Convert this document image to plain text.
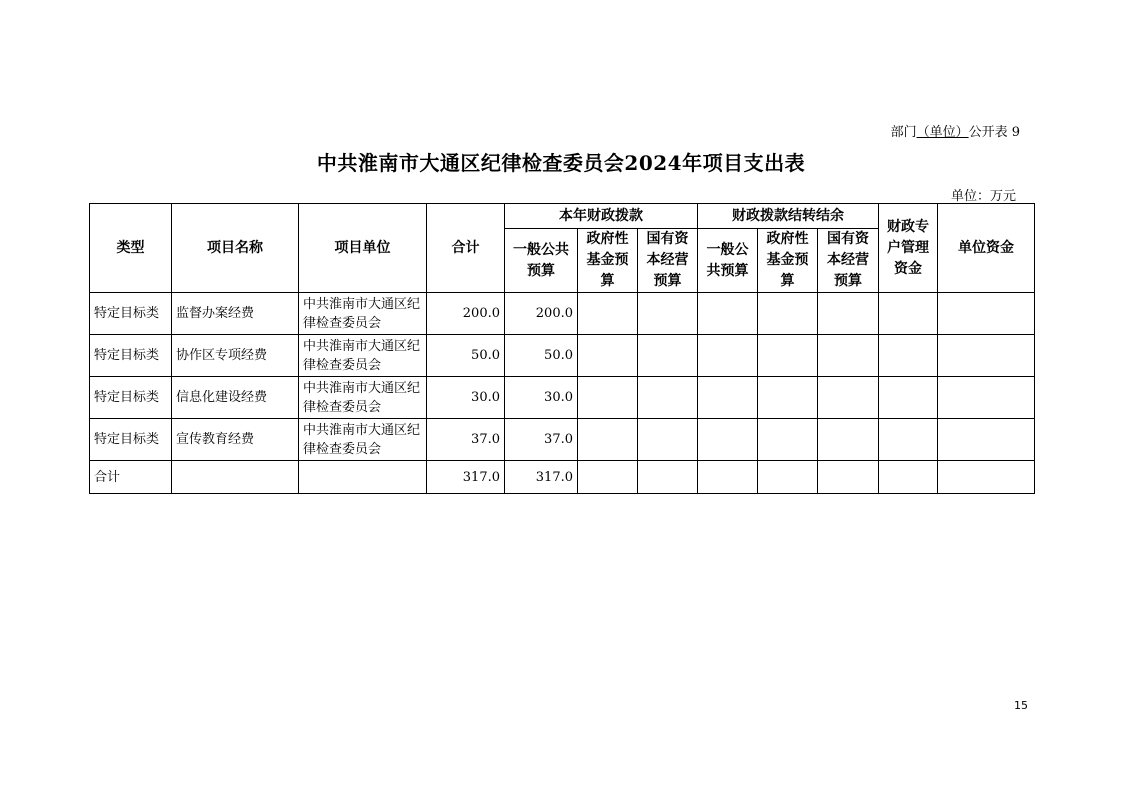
部门（单位）公开表 9
中共淮南市大通区纪律检查委员会2024年项目支出表
单位：万元
类型	项目名称	项目单位	合计	本年财政拨款			财政拨款结转结余			财政专户管理资金	单位资金
				一般公共预算	政府性基金预算	国有资本经营预算	一般公共预算	政府性基金预算	国有资本经营预算		
特定目标类	监督办案经费	中共淮南市大通区纪律检查委员会	200.0	200.0							
特定目标类	协作区专项经费	中共淮南市大通区纪律检查委员会	50.0	50.0							
特定目标类	信息化建设经费	中共淮南市大通区纪律检查委员会	30.0	30.0							
特定目标类	宣传教育经费	中共淮南市大通区纪律检查委员会	37.0	37.0							
合计			317.0	317.0							
15
